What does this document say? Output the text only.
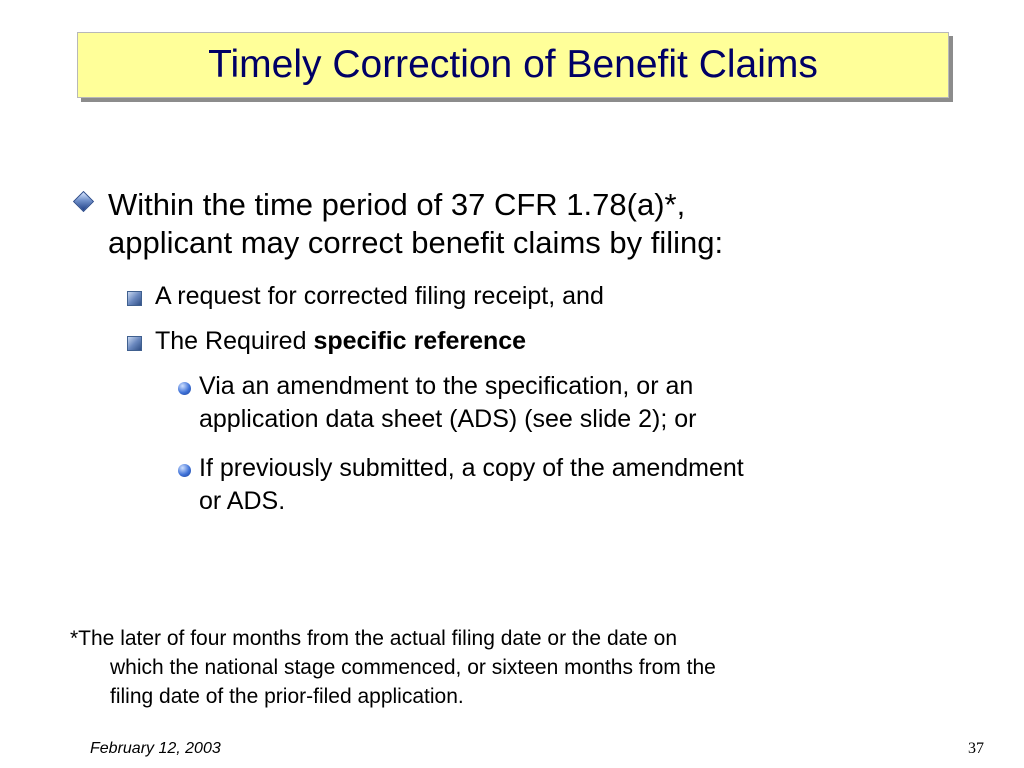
Timely Correction of Benefit Claims
Within the time period of 37 CFR 1.78(a)*,
applicant may correct benefit claims by filing:
A request for corrected filing receipt, and
The Required specific reference
Via an amendment to the specification, or an
application data sheet (ADS) (see slide 2); or
If previously submitted, a copy of the amendment
or ADS.
*The later of four months from the actual filing date or the date on
which the national stage commenced, or sixteen months from the
filing date of the prior-filed application.
February 12, 2003	37
